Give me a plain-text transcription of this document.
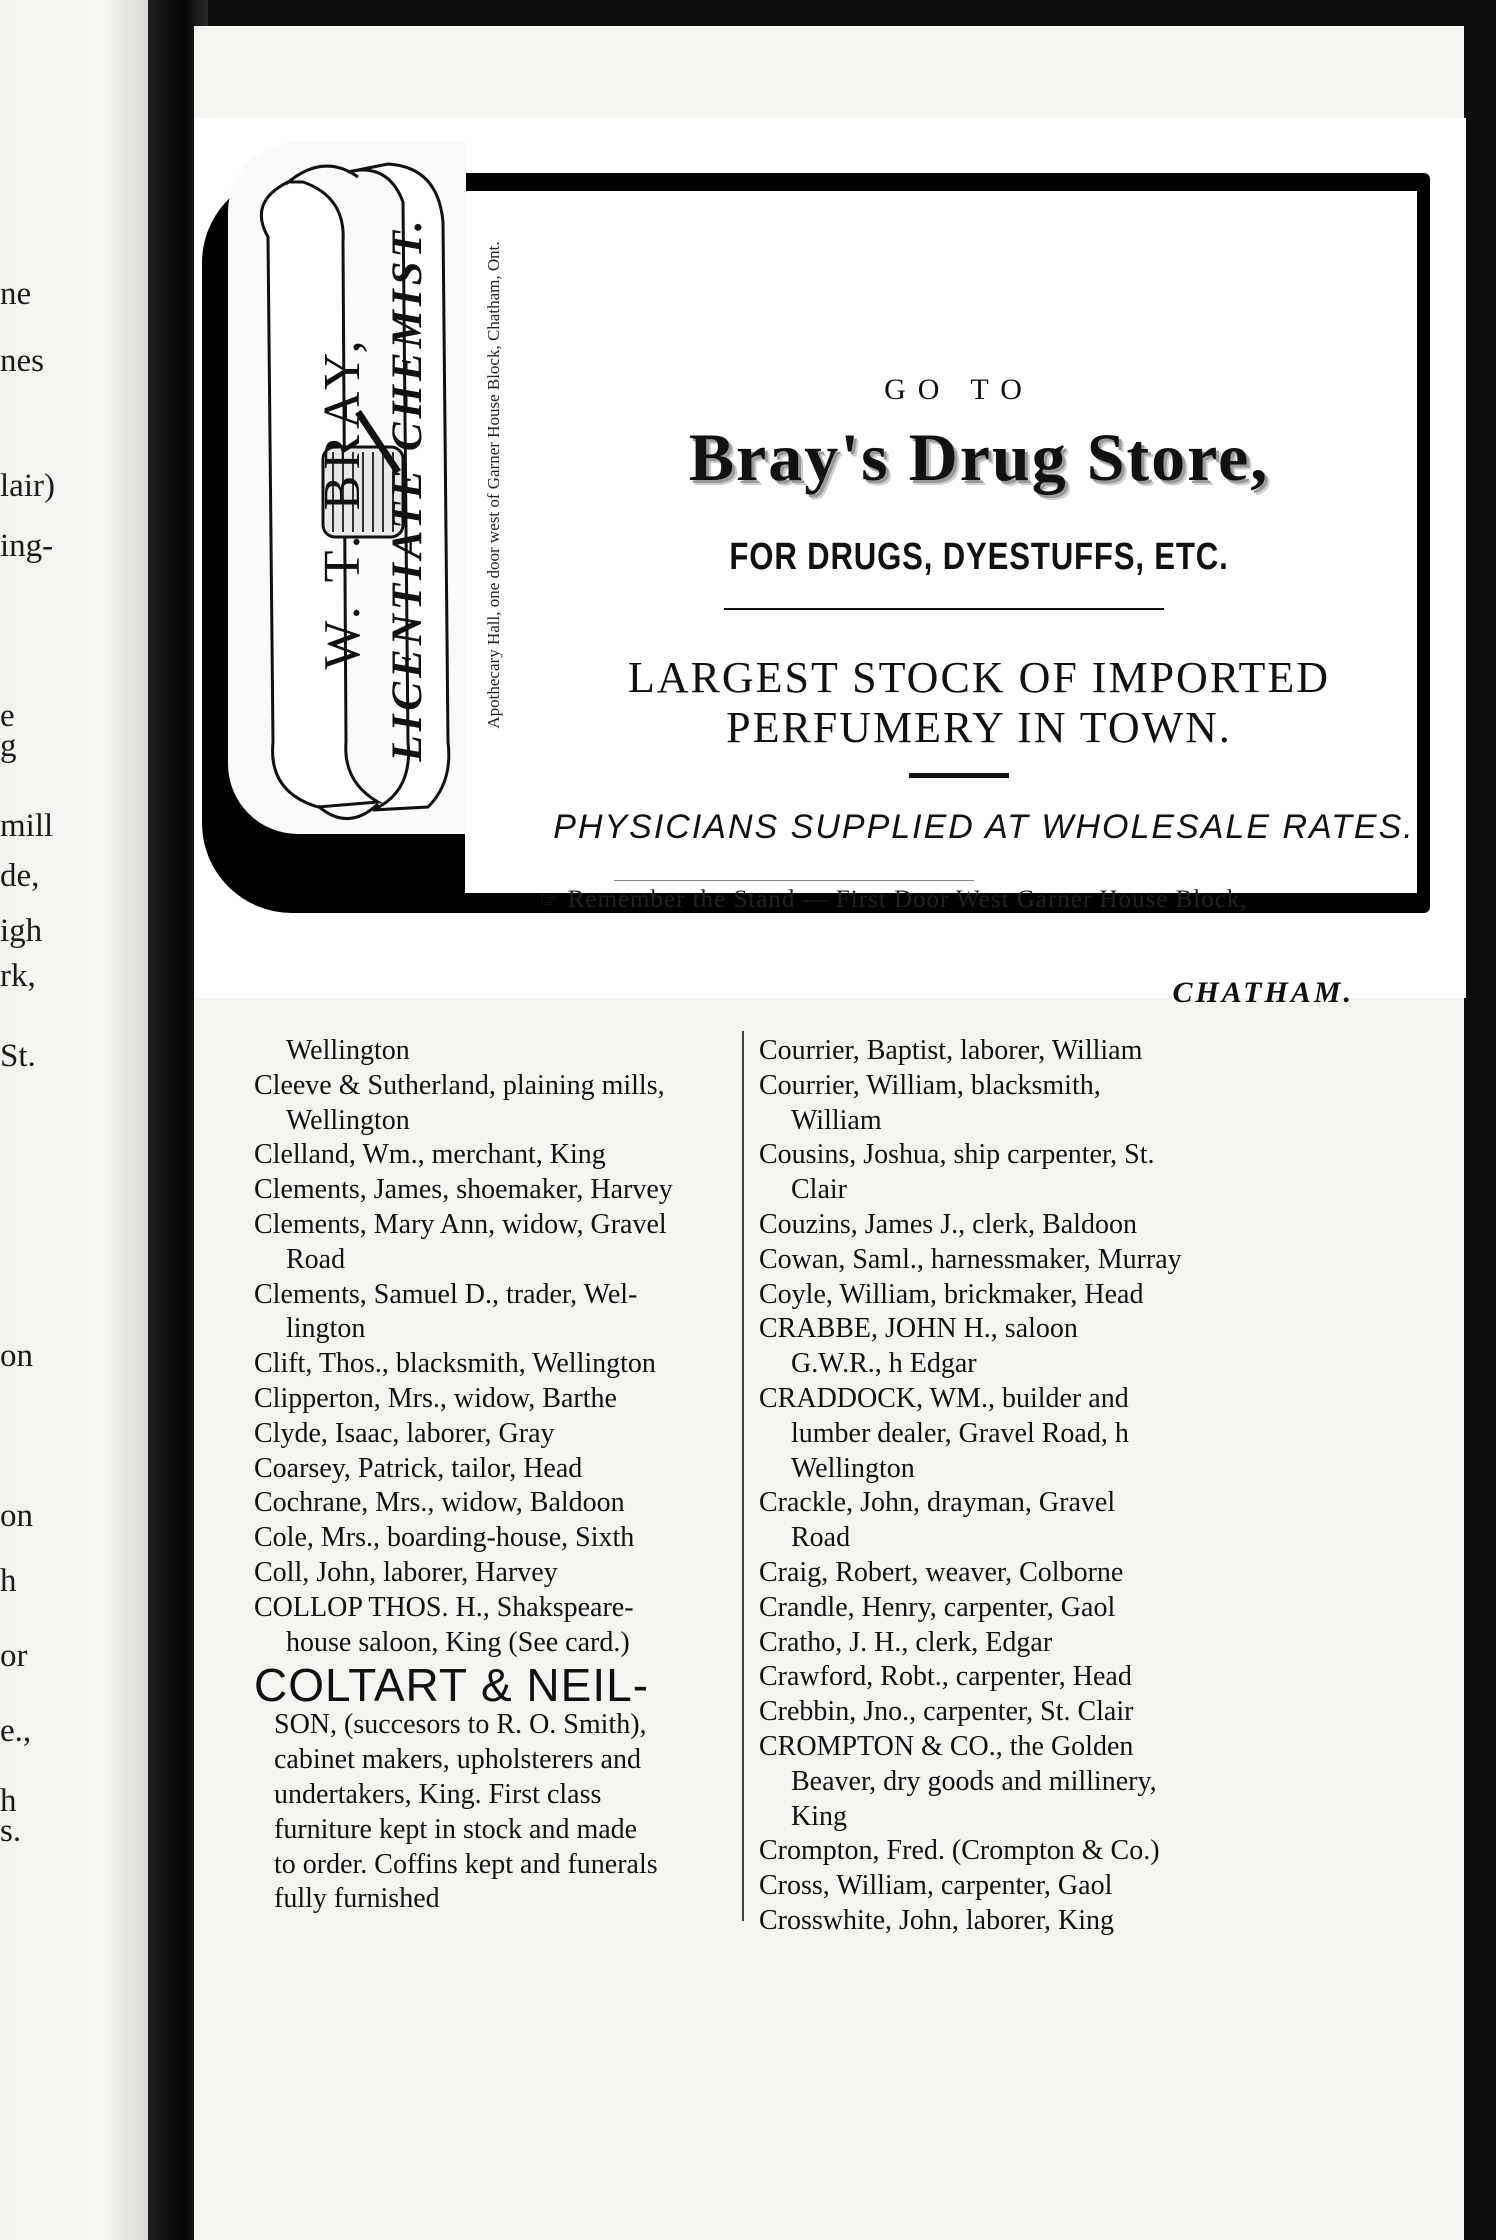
ne
nes
lair)
ing-
e
g
mill
de,
igh
rk,
St.
on
on
h
or
e.,
h
s.
W. T. BRAY, LICENTIATE CHEMIST.	Apothecary Hall, one door west of Garner House Block, Chatham, Ont.	GO TO
Bray's Drug Store,
FOR DRUGS, DYESTUFFS, ETC.
LARGEST STOCK OF IMPORTED
PERFUMERY IN TOWN.
PHYSICIANS SUPPLIED AT WHOLESALE RATES.
☞ Remember the Stand — First Door West Garner House Block,
CHATHAM.
Wellington
Cleeve & Sutherland, plaining mills,
Wellington
Clelland, Wm., merchant, King
Clements, James, shoemaker, Harvey
Clements, Mary Ann, widow, Gravel
Road
Clements, Samuel D., trader, Wel-
lington
Clift, Thos., blacksmith, Wellington
Clipperton, Mrs., widow, Barthe
Clyde, Isaac, laborer, Gray
Coarsey, Patrick, tailor, Head
Cochrane, Mrs., widow, Baldoon
Cole, Mrs., boarding-house, Sixth
Coll, John, laborer, Harvey
COLLOP THOS. H., Shakspeare-
house saloon, King (See card.)
COLTART & NEIL-
SON, (succesors to R. O. Smith),
cabinet makers, upholsterers and
undertakers, King. First class
furniture kept in stock and made
to order. Coffins kept and funerals
fully furnished
Courrier, Baptist, laborer, William
Courrier, William, blacksmith,
William
Cousins, Joshua, ship carpenter, St.
Clair
Couzins, James J., clerk, Baldoon
Cowan, Saml., harnessmaker, Murray
Coyle, William, brickmaker, Head
CRABBE, JOHN H., saloon
G.W.R., h Edgar
CRADDOCK, WM., builder and
lumber dealer, Gravel Road, h
Wellington
Crackle, John, drayman, Gravel
Road
Craig, Robert, weaver, Colborne
Crandle, Henry, carpenter, Gaol
Cratho, J. H., clerk, Edgar
Crawford, Robt., carpenter, Head
Crebbin, Jno., carpenter, St. Clair
CROMPTON & CO., the Golden
Beaver, dry goods and millinery,
King
Crompton, Fred. (Crompton & Co.)
Cross, William, carpenter, Gaol
Crosswhite, John, laborer, King
